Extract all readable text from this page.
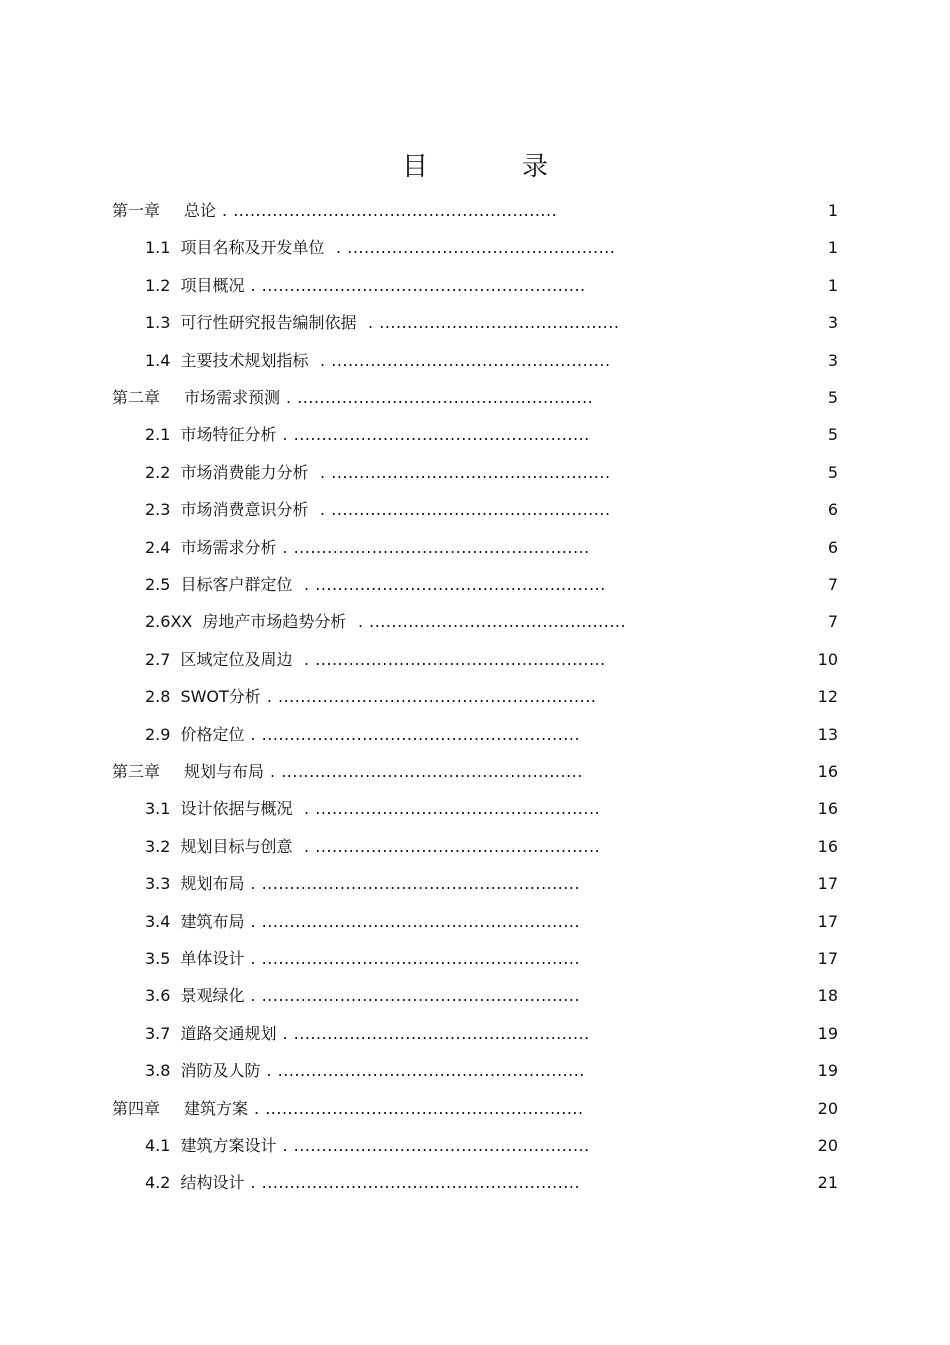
目　录
第一章 总论 . ..........................................................	1
1.1 项目名称及开发单位 . ................................................	1
1.2 项目概况 . ..........................................................	1
1.3 可行性研究报告编制依据 . ...........................................	3
1.4 主要技术规划指标 . ..................................................	3
第二章 市场需求预测 . .....................................................	5
2.1 市场特征分析 . .....................................................	5
2.2 市场消费能力分析 . ..................................................	5
2.3 市场消费意识分析 . ..................................................	6
2.4 市场需求分析 . .....................................................	6
2.5 目标客户群定位 . ....................................................	7
2.6XX 房地产市场趋势分析 . ..............................................	7
2.7 区域定位及周边 . ....................................................	10
2.8 SWOT分析 . .........................................................	12
2.9 价格定位 . .........................................................	13
第三章 规划与布局 . ......................................................	16
3.1 设计依据与概况 . ...................................................	16
3.2 规划目标与创意 . ...................................................	16
3.3 规划布局 . .........................................................	17
3.4 建筑布局 . .........................................................	17
3.5 单体设计 . .........................................................	17
3.6 景观绿化 . .........................................................	18
3.7 道路交通规划 . .....................................................	19
3.8 消防及人防 . .......................................................	19
第四章 建筑方案 . .........................................................	20
4.1 建筑方案设计 . .....................................................	20
4.2 结构设计 . .........................................................	21
